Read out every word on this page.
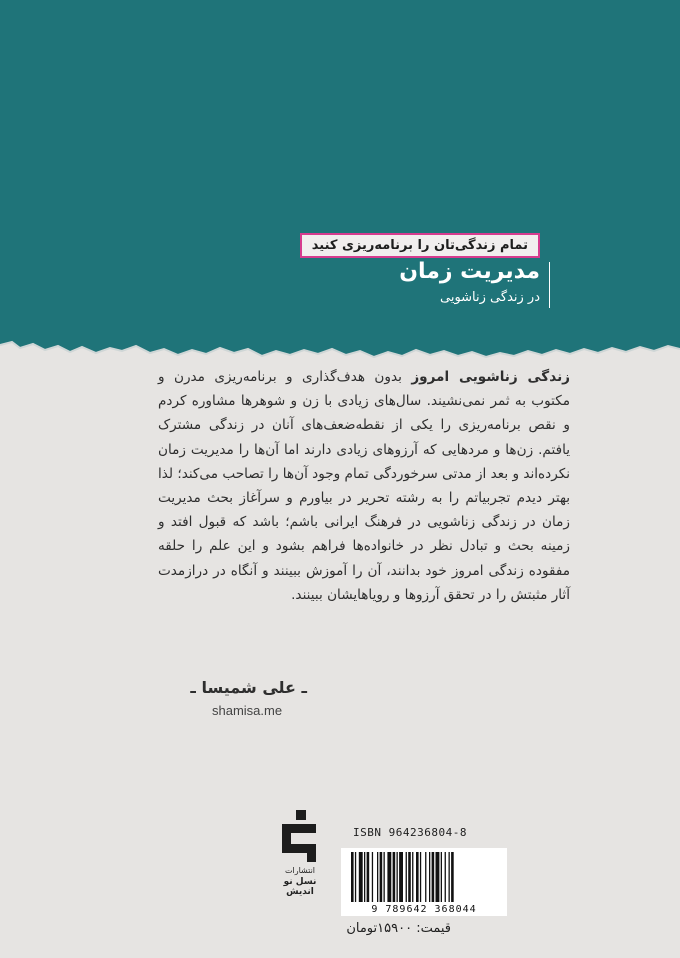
تمام زندگی‌تان را برنامه‌ریزی کنید
مدیریت زمان
در زندگی زناشویی
زندگی زناشویی امروز بدون هدف‌گذاری و برنامه‌ریزی مدرن و مکتوب به ثمر نمی‌نشیند. سال‌های زیادی با زن و شوهرها مشاوره کردم و نقص برنامه‌ریزی را یکی از نقطه‌ضعف‌های آنان در زندگی مشترک یافتم. زن‌ها و مردهایی که آرزوهای زیادی دارند اما آن‌ها را مدیریت زمان نکرده‌اند و بعد از مدتی سرخوردگی تمام وجود آن‌ها را تصاحب می‌کند؛ لذا بهتر دیدم تجربیاتم را به رشته تحریر در بیاورم و سرآغاز بحث مدیریت زمان در زندگی زناشویی در فرهنگ ایرانی باشم؛ باشد که قبول افتد و زمینه بحث و تبادل نظر در خانواده‌ها فراهم بشود و این علم را حلقه مفقوده زندگی امروز خود بدانند، آن را آموزش ببینند و آنگاه در درازمدت آثار مثبتش را در تحقق آرزوها و رویاهایشان ببینند.
ـ علی شمیسا ـ
shamisa.me
انتشارات
نسل نو اندیش
ISBN 964236804-8
9 789642 368044
قیمت: ۱۵۹۰۰تومان
